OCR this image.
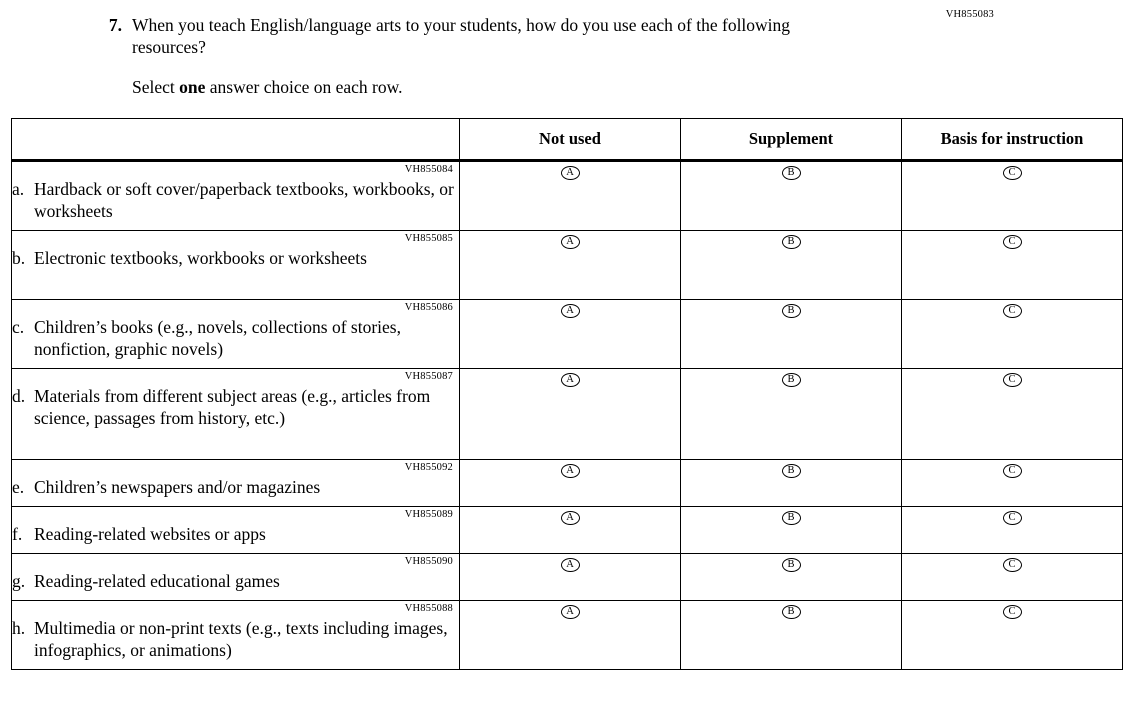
VH855083
7. When you teach English/language arts to your students, how do you use each of the following resources?
Select one answer choice on each row.
	Not used	Supplement	Basis for instruction

VH855084
a. Hardback or soft cover/paperback textbooks, workbooks, or worksheets	A	B	C

VH855085
b. Electronic textbooks, workbooks or worksheets	A	B	C

VH855086
c. Children’s books (e.g., novels, collections of stories, nonfiction, graphic novels)	A	B	C

VH855087
d. Materials from different subject areas (e.g., articles from science, passages from history, etc.)	A	B	C

VH855092
e. Children’s newspapers and/or magazines	A	B	C

VH855089
f. Reading-related websites or apps	A	B	C

VH855090
g. Reading-related educational games	A	B	C

VH855088
h. Multimedia or non-print texts (e.g., texts including images, infographics, or animations)	A	B	C
